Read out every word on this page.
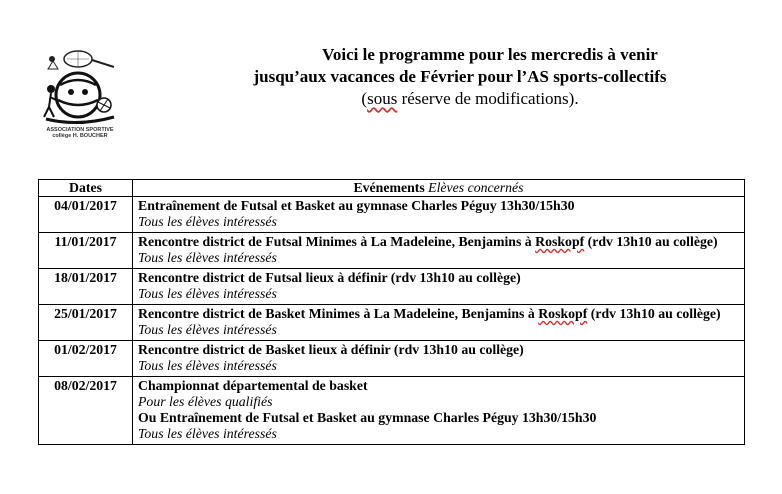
ASSOCIATION SPORTIVE
collège H. BOUCHER
Voici le programme pour les mercredis à venir
jusqu’aux vacances de Février pour l’AS sports-collectifs
(sous réserve de modifications).
Dates	Evénements Elèves concernés
04/01/2017	Entraînement de Futsal et Basket au gymnase Charles Péguy 13h30/15h30
Tous les élèves intéressés
11/01/2017	Rencontre district de Futsal Minimes à La Madeleine, Benjamins à Roskopf (rdv 13h10 au collège) Tous les élèves intéressés
18/01/2017	Rencontre district de Futsal lieux à définir (rdv 13h10 au collège)
Tous les élèves intéressés
25/01/2017	Rencontre district de Basket Minimes à La Madeleine, Benjamins à Roskopf (rdv 13h10 au collège) Tous les élèves intéressés
01/02/2017	Rencontre district de Basket lieux à définir (rdv 13h10 au collège)
Tous les élèves intéressés
08/02/2017	Championnat départemental de basket
Pour les élèves qualifiés
Ou Entraînement de Futsal et Basket au gymnase Charles Péguy 13h30/15h30
Tous les élèves intéressés
